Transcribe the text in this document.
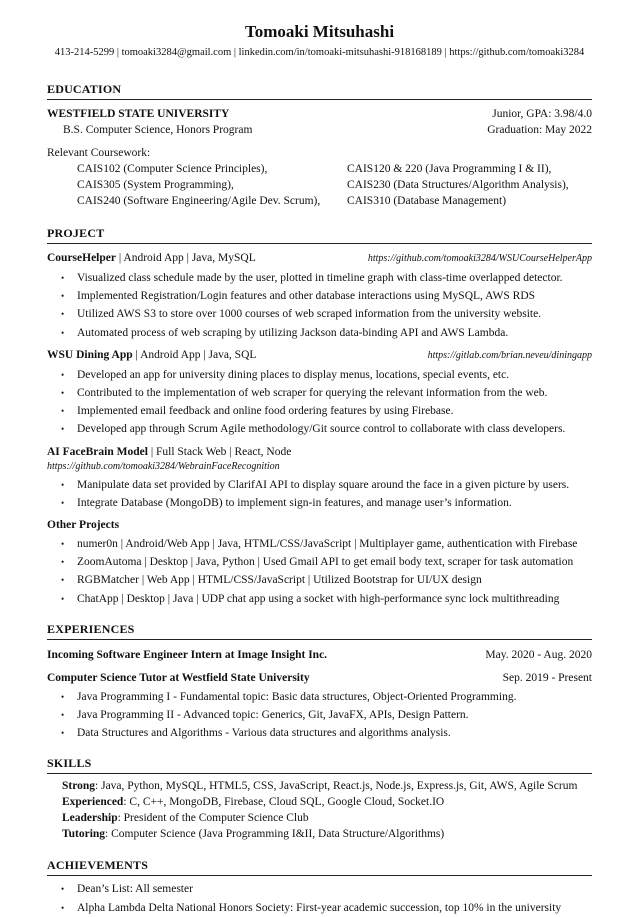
Tomoaki Mitsuhashi
413-214-5299 | tomoaki3284@gmail.com | linkedin.com/in/tomoaki-mitsuhashi-918168189 | https://github.com/tomoaki3284
EDUCATION
WESTFIELD STATE UNIVERSITY	Junior, GPA: 3.98/4.0
B.S. Computer Science, Honors Program	Graduation: May 2022
Relevant Coursework:
CAIS102 (Computer Science Principles),	CAIS120 & 220 (Java Programming I & II),
CAIS305 (System Programming),	CAIS230 (Data Structures/Algorithm Analysis),
CAIS240 (Software Engineering/Agile Dev. Scrum),	CAIS310 (Database Management)
PROJECT
CourseHelper | Android App | Java, MySQL	https://github.com/tomoaki3284/WSUCourseHelperApp
• Visualized class schedule made by the user, plotted in timeline graph with class-time overlapped detector.
• Implemented Registration/Login features and other database interactions using MySQL, AWS RDS
• Utilized AWS S3 to store over 1000 courses of web scraped information from the university website.
• Automated process of web scraping by utilizing Jackson data-binding API and AWS Lambda.
WSU Dining App | Android App | Java, SQL	https://gitlab.com/brian.neveu/diningapp
• Developed an app for university dining places to display menus, locations, special events, etc.
• Contributed to the implementation of web scraper for querying the relevant information from the web.
• Implemented email feedback and online food ordering features by using Firebase.
• Developed app through Scrum Agile methodology/Git source control to collaborate with class developers.
AI FaceBrain Model | Full Stack Web | React, Node
https://github.com/tomoaki3284/WebrainFaceRecognition
• Manipulate data set provided by ClarifAI API to display square around the face in a given picture by users.
• Integrate Database (MongoDB) to implement sign-in features, and manage user’s information.
Other Projects
• numer0n | Android/Web App | Java, HTML/CSS/JavaScript | Multiplayer game, authentication with Firebase
• ZoomAutoma | Desktop | Java, Python | Used Gmail API to get email body text, scraper for task automation
• RGBMatcher | Web App | HTML/CSS/JavaScript | Utilized Bootstrap for UI/UX design
• ChatApp | Desktop | Java | UDP chat app using a socket with high-performance sync lock multithreading
EXPERIENCES
Incoming Software Engineer Intern at Image Insight Inc.	May. 2020 - Aug. 2020
Computer Science Tutor at Westfield State University	Sep. 2019 - Present
• Java Programming I - Fundamental topic: Basic data structures, Object-Oriented Programming.
• Java Programming II - Advanced topic: Generics, Git, JavaFX, APIs, Design Pattern.
• Data Structures and Algorithms - Various data structures and algorithms analysis.
SKILLS
Strong: Java, Python, MySQL, HTML5, CSS, JavaScript, React.js, Node.js, Express.js, Git, AWS, Agile Scrum
Experienced: C, C++, MongoDB, Firebase, Cloud SQL, Google Cloud, Socket.IO
Leadership: President of the Computer Science Club
Tutoring: Computer Science (Java Programming I&II, Data Structure/Algorithms)
ACHIEVEMENTS
• Dean’s List: All semester
• Alpha Lambda Delta National Honors Society: First-year academic succession, top 10% in the university
